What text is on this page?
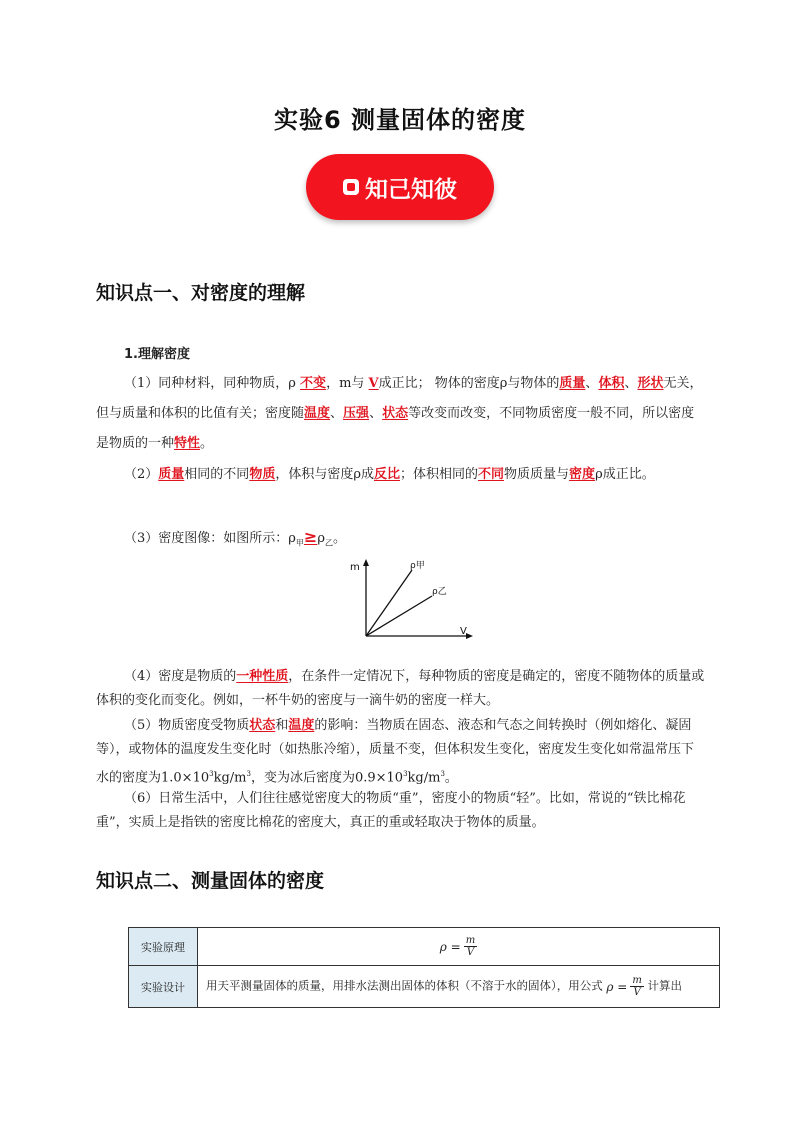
实验6 测量固体的密度
知己知彼
知识点一、对密度的理解
1.理解密度
（1）同种材料，同种物质，ρ 不变，m与 V成正比； 物体的密度ρ与物体的质量、体积、形状无关，但与质量和体积的比值有关；密度随温度、压强、状态等改变而改变，不同物质密度一般不同，所以密度是物质的一种特性。
（2）质量相同的不同物质，体积与密度ρ成反比；体积相同的不同物质质量与密度ρ成正比。
（3）密度图像：如图所示：$\rho_甲\ge\rho_乙$。
m
V
ρ甲
ρ乙
（4）密度是物质的一种性质，在条件一定情况下，每种物质的密度是确定的，密度不随物体的质量或体积的变化而变化。例如，一杯牛奶的密度与一滴牛奶的密度一样大。
（5）物质密度受物质状态和温度的影响：当物质在固态、液态和气态之间转换时（例如熔化、凝固等），或物体的温度发生变化时（如热胀冷缩），质量不变，但体积发生变化，密度发生变化如常温常压下水的密度为$1.0\times 10^3kg/m^3$，变为冰后密度为$0.9\times 10^3kg/m^3$。
（6）日常生活中，人们往往感觉密度大的物质“重”，密度小的物质“轻”。比如，常说的“铁比棉花重”，实质上是指铁的密度比棉花的密度大，真正的重或轻取决于物体的质量。
知识点二、测量固体的密度
实验原理	$\rho = \frac{m}{V}$

实验设计	用天平测量固体的质量，用排水法测出固体的体积（不溶于水的固体），用公式 $\rho = \frac{m}{V}$ 计算出
